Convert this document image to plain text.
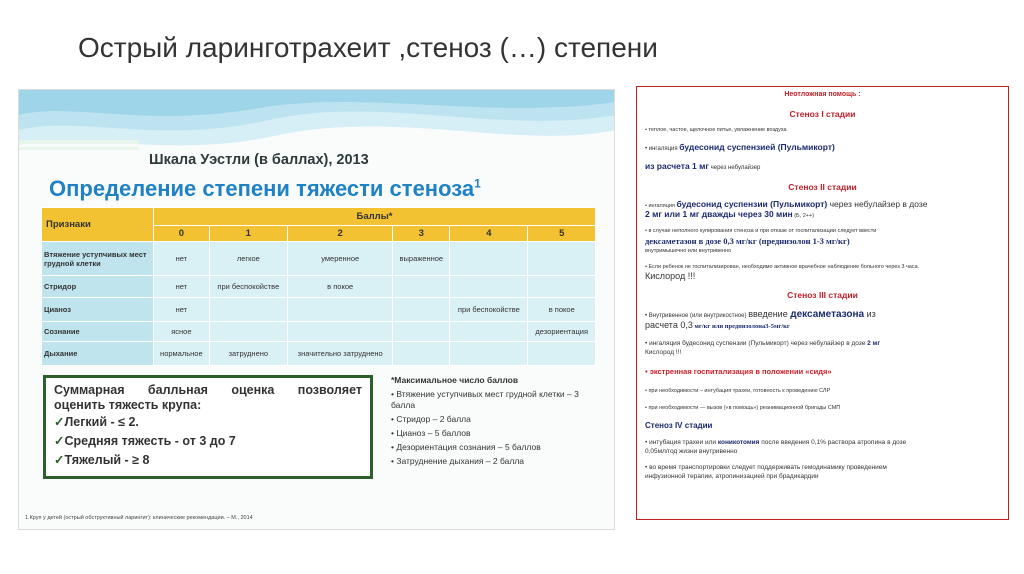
Острый ларинготрахеит ,стеноз (…) степени
Шкала Уэстли (в баллах), 2013
Определение степени тяжести стеноза$^1$
Признаки	Баллы*					
	0	1	2	3	4	5
Втяжение уступчивых мест грудной клетки	нет	легкое	умеренное	выраженное		
Стридор	нет	при беспокойстве	в покое			
Цианоз	нет				при беспокойстве	в покое
Сознание	ясное					дезориентация
Дыхание	нормальное	затруднено	значительно затруднено			
Суммарная балльная оценка позволяет
оценить тяжесть крупа:
✓Легкий - ≤ 2.
✓Средняя тяжесть - от 3 до 7
✓Тяжелый - ≥ 8
*Максимальное число баллов
• Втяжение уступчивых мест грудной клетки – 3 балла
• Стридор – 2 балла
• Цианоз – 5 баллов
• Дезориентация сознания – 5 баллов
• Затруднение дыхания – 2 балла
1.Круп у детей (острый обструктивный ларингит): клинические рекомендации. – М., 2014
Неотложная помощь :
Стеноз I стадии
• теплое, частое, щелочное питье, увлажнение воздуха
• ингаляция будесонид суспензией (Пульмикорт)
из расчета 1 мг через небулайзер
Стеноз II стадии
• ингаляция будесонид суспензии (Пульмикорт) через небулайзер в дозе
2 мг или 1 мг дважды через 30 мин (Б, 2++)
• в случае неполного купирования стеноза и при отказе от госпитализации следует ввести
дексаметазон в дозе 0,3 мг/кг (преднизолон 1-3 мг/кг)
внутримышечно или внутривенно
• Если ребенок не госпитализирован, необходимо активное врачебное наблюдение больного через 3 часа.
Кислород !!!
Стеноз III стадии
• Внутривенное (или внутрикостное) введение дексаметазона из
расчета 0,3 мг/кг или преднизолона3-5мг/кг
• ингаляция будесонид суспензии (Пульмикорт) через небулайзер в дозе 2 мг
Кислород !!!
• экстренная госпитализация в положении «сидя»
• при необходимости – интубация трахеи, готовность к проведению СЛР
• при необходимости — вызов («в помощь») реанимационной бригады СМП
Стеноз IV стадии
• интубация трахеи или коникотомия после введения 0,1% раствора атропина в дозе
0,05мл/год жизни внутривенно
• во время транспортировки следует поддерживать гемодинамику проведением
инфузионной терапии, атропинизацией при брадикардии
